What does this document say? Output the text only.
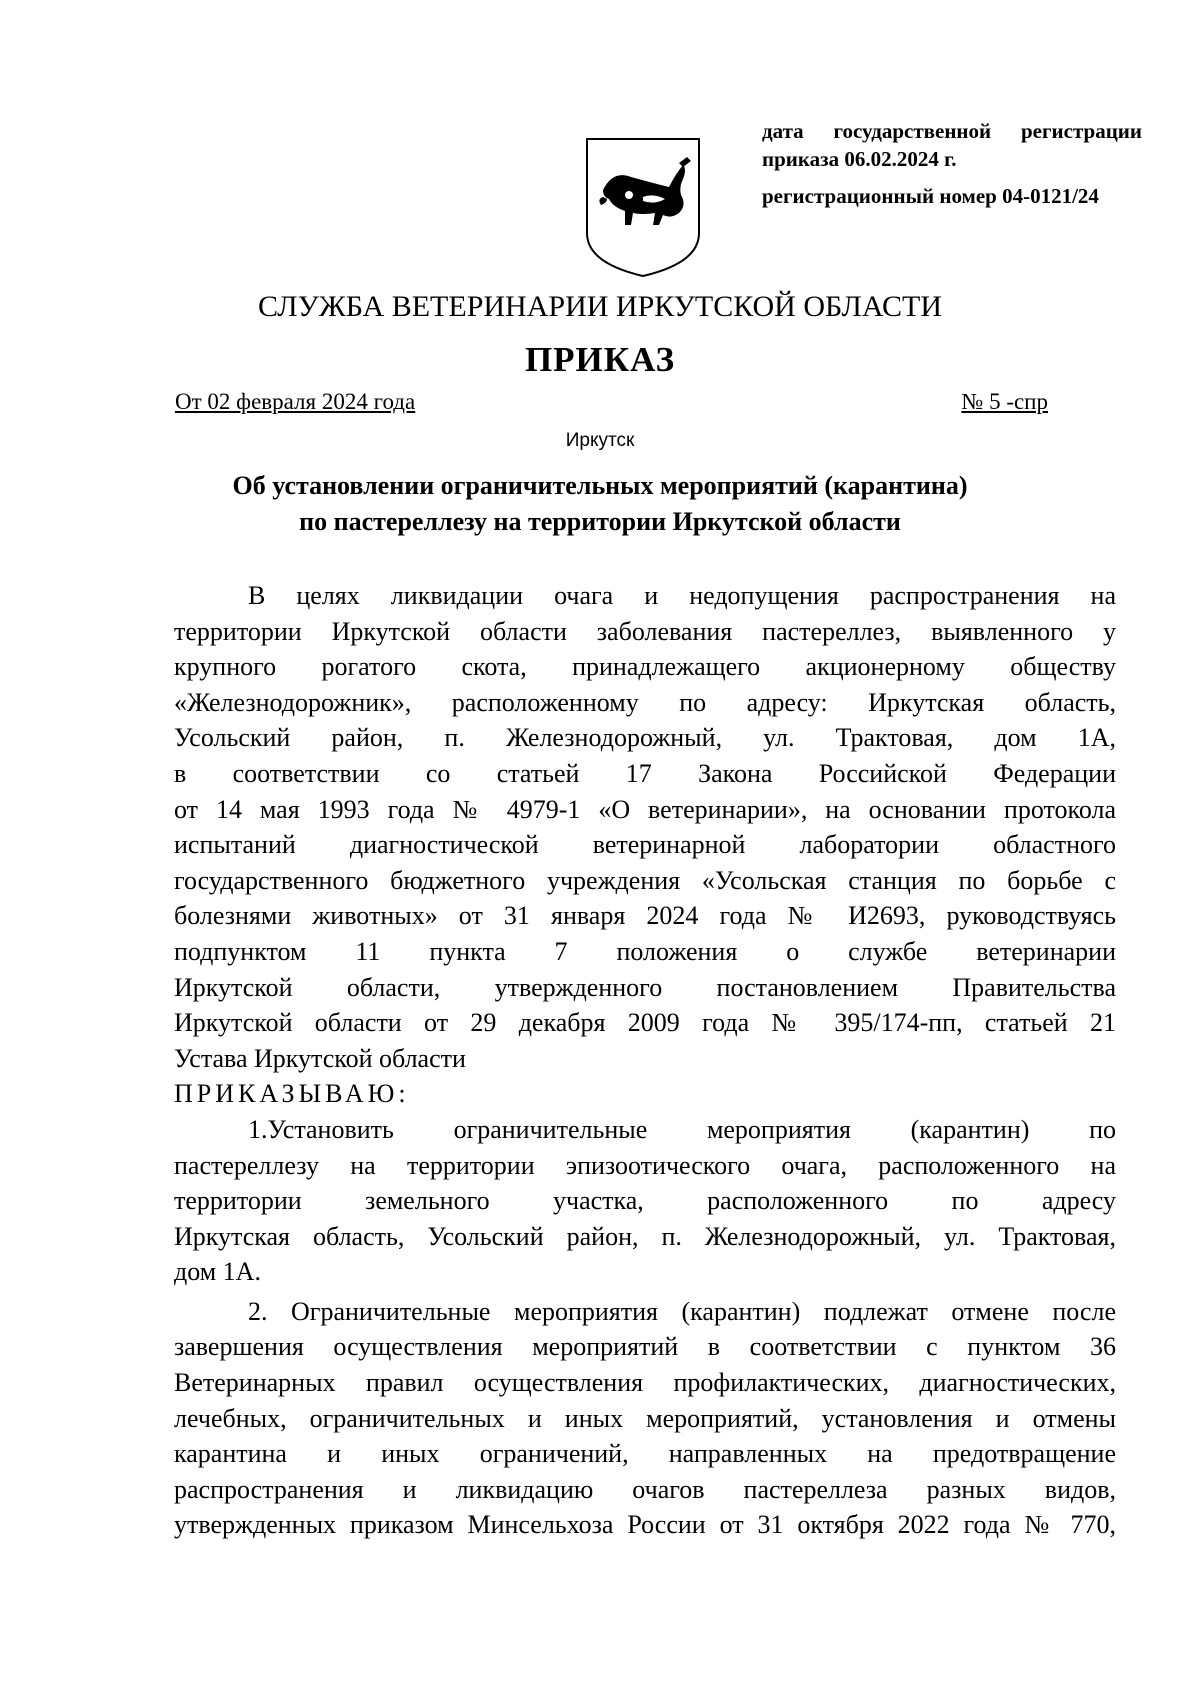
дата государственной регистрации
приказа 06.02.2024 г.
регистрационный номер 04-0121/24
СЛУЖБА ВЕТЕРИНАРИИ ИРКУТСКОЙ ОБЛАСТИ
ПРИКАЗ
От 02 февраля 2024 года	№ 5 -спр
Иркутск
Об установлении ограничительных мероприятий (карантина)
по пастереллезу на территории Иркутской области
В целях ликвидации очага и недопущения распространения на
территории Иркутской области заболевания пастереллез, выявленного у
крупного рогатого скота, принадлежащего акционерному обществу
«Железнодорожник», расположенному по адресу: Иркутская область,
Усольский район, п. Железнодорожный, ул. Трактовая, дом 1А,
в соответствии со статьей 17 Закона Российской Федерации
от 14 мая 1993 года № 4979-1 «О ветеринарии», на основании протокола
испытаний диагностической ветеринарной лаборатории областного
государственного бюджетного учреждения «Усольская станция по борьбе с
болезнями животных» от 31 января 2024 года № И2693, руководствуясь
подпунктом 11 пункта 7 положения о службе ветеринарии
Иркутской области, утвержденного постановлением Правительства
Иркутской области от 29 декабря 2009 года № 395/174-пп, статьей 21
Устава Иркутской области
ПРИКАЗЫВАЮ:
1.Установить ограничительные мероприятия (карантин) по
пастереллезу на территории эпизоотического очага, расположенного на
территории земельного участка, расположенного по адресу
Иркутская область, Усольский район, п. Железнодорожный, ул. Трактовая,
дом 1А.
2. Ограничительные мероприятия (карантин) подлежат отмене после
завершения осуществления мероприятий в соответствии с пунктом 36
Ветеринарных правил осуществления профилактических, диагностических,
лечебных, ограничительных и иных мероприятий, установления и отмены
карантина и иных ограничений, направленных на предотвращение
распространения и ликвидацию очагов пастереллеза разных видов,
утвержденных приказом Минсельхоза России от 31 октября 2022 года № 770,
